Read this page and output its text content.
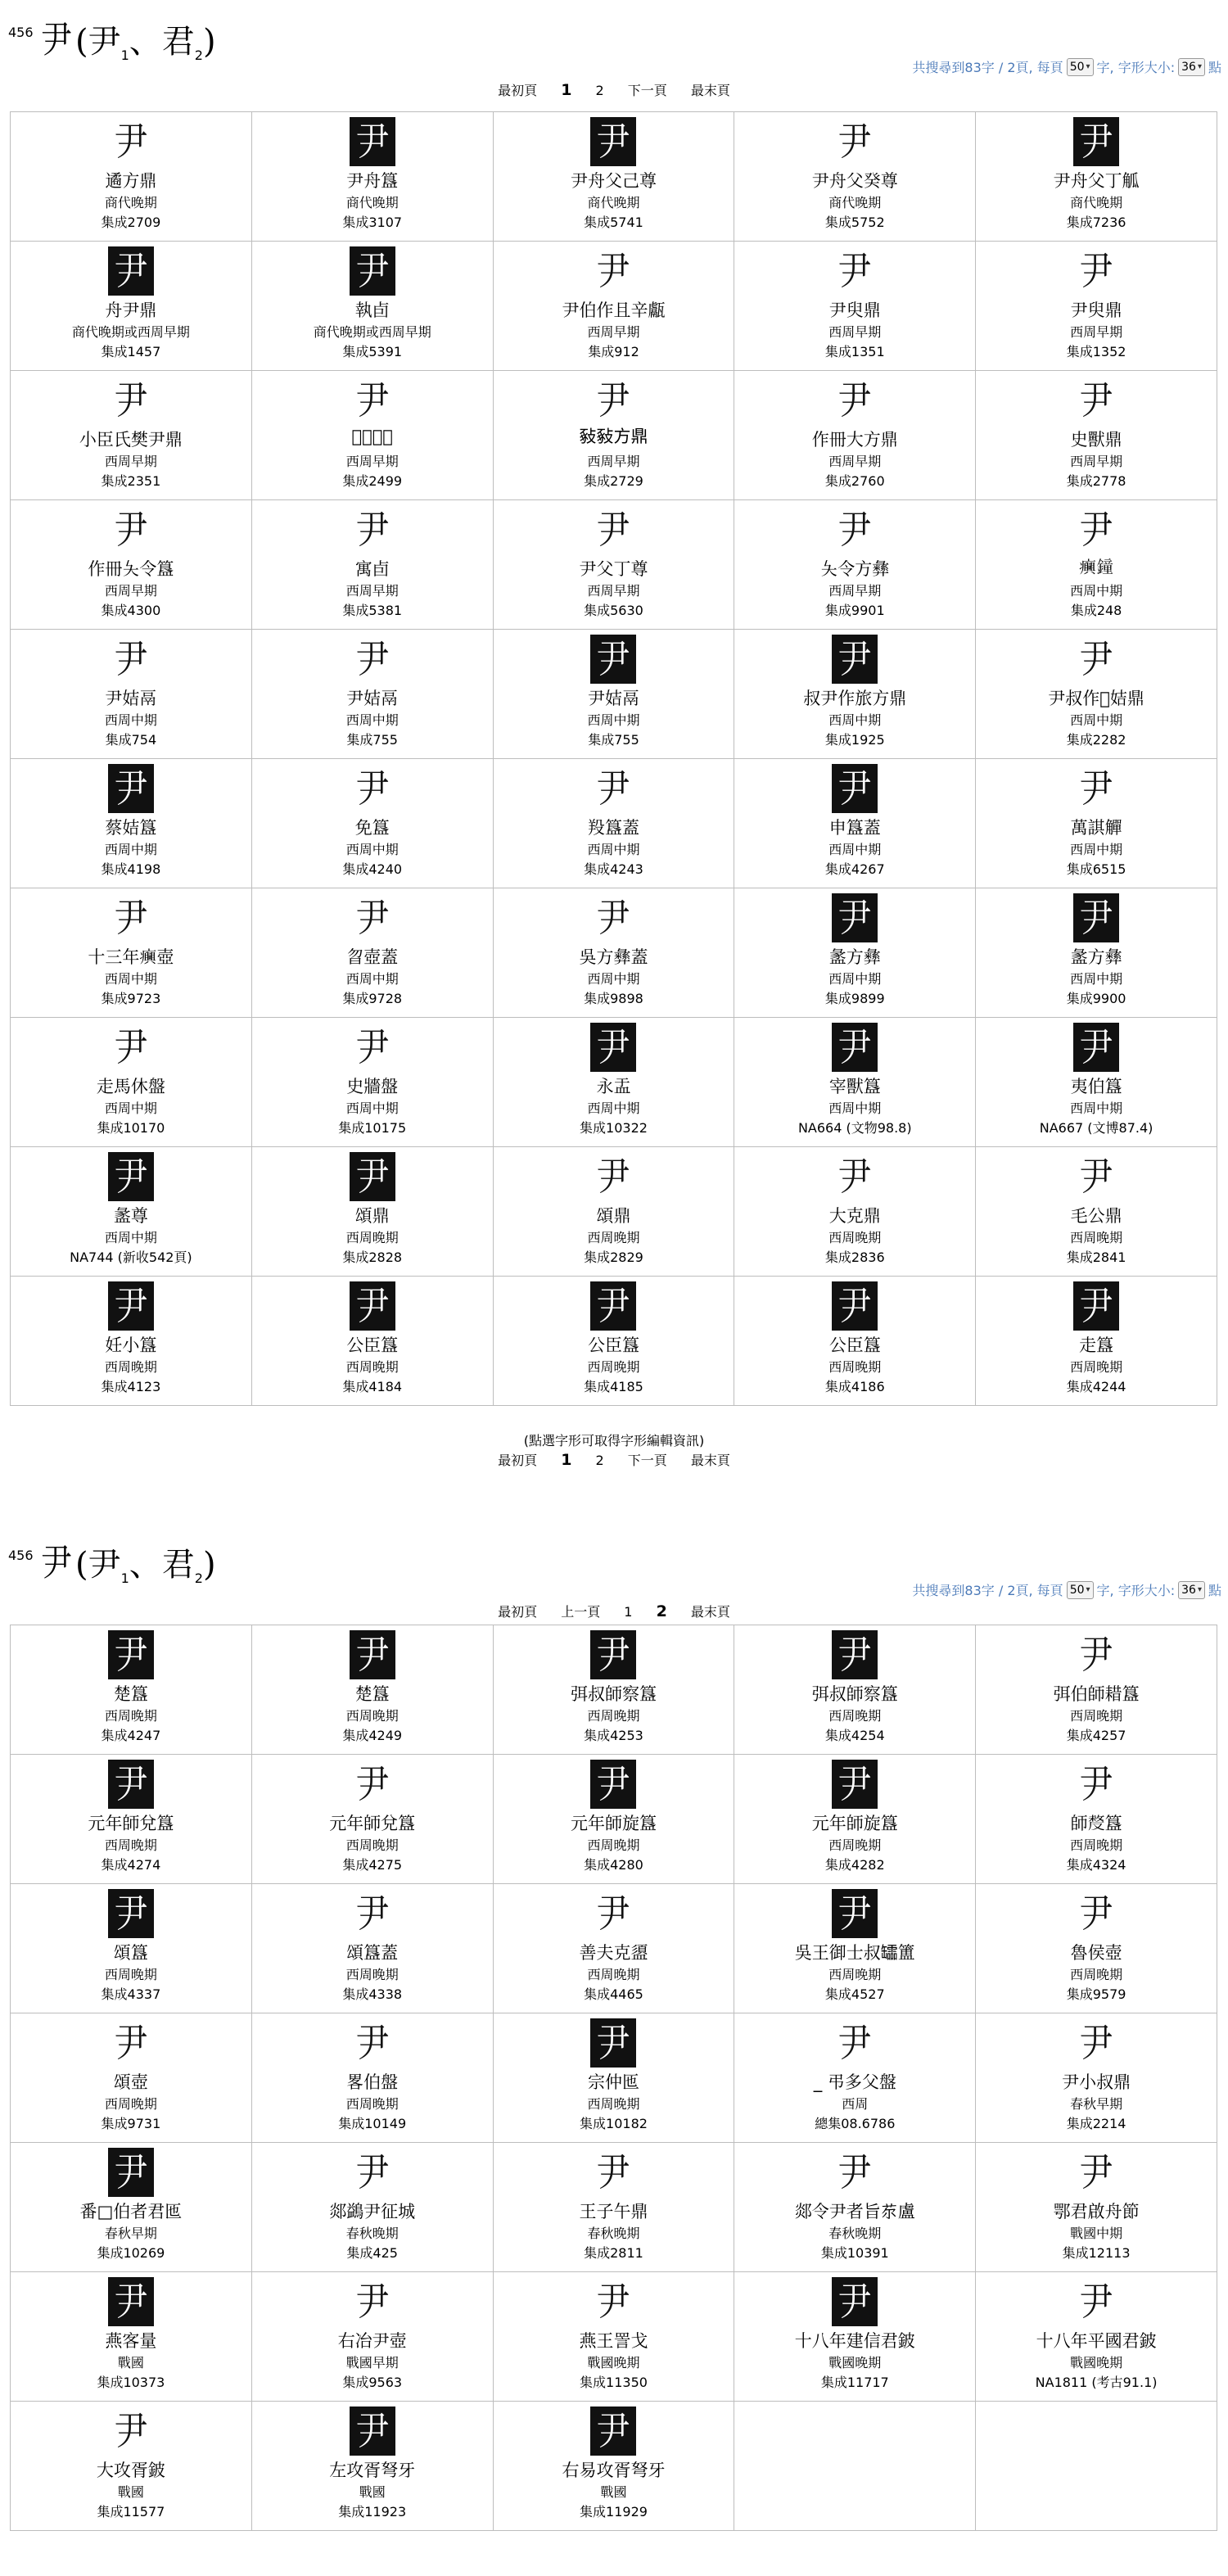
456 尹 (尹$_1$、君$_2$)
共搜尋到83字 / 2頁, 每頁 50 ▾ 字, 字形大小: 36 ▾ 點
最初頁 1 2 下一頁 最末頁
尹
遹方鼎
商代晚期
集成2709
尹
尹舟簋
商代晚期
集成3107
尹
尹舟父己尊
商代晚期
集成5741
尹
尹舟父癸尊
商代晚期
集成5752
尹
尹舟父丁觚
商代晚期
集成7236
尹
舟尹鼎
商代晚期或西周早期
集成1457
尹
執卣
商代晚期或西周早期
集成5391
尹
尹伯作且辛甗
西周早期
集成912
尹
尹臾鼎
西周早期
集成1351
尹
尹臾鼎
西周早期
集成1352
尹
小臣氏樊尹鼎
西周早期
集成2351
尹
𠫑父丁鼎
西周早期
集成2499
尹
𢽚𢽚方鼎
西周早期
集成2729
尹
作冊大方鼎
西周早期
集成2760
尹
史獸鼎
西周早期
集成2778
尹
作冊夨令簋
西周早期
集成4300
尹
寓卣
西周早期
集成5381
尹
尹父丁尊
西周早期
集成5630
尹
夨令方彝
西周早期
集成9901
尹
𤼈鐘
西周中期
集成248
尹
尹姞鬲
西周中期
集成754
尹
尹姞鬲
西周中期
集成755
尹
尹姞鬲
西周中期
集成755
尹
叔尹作旅方鼎
西周中期
集成1925
尹
尹叔作𤞷姞鼎
西周中期
集成2282
尹
蔡姞簋
西周中期
集成4198
尹
免簋
西周中期
集成4240
尹
羖簋蓋
西周中期
集成4243
尹
申簋蓋
西周中期
集成4267
尹
萬諆觶
西周中期
集成6515
尹
十三年𤼈壺
西周中期
集成9723
尹
曶壺蓋
西周中期
集成9728
尹
吳方彝蓋
西周中期
集成9898
尹
盠方彝
西周中期
集成9899
尹
盠方彝
西周中期
集成9900
尹
走馬休盤
西周中期
集成10170
尹
史牆盤
西周中期
集成10175
尹
永盂
西周中期
集成10322
尹
宰獸簋
西周中期
NA664 (文物98.8)
尹
夷伯簋
西周中期
NA667 (文博87.4)
尹
盠尊
西周中期
NA744 (新收542頁)
尹
頌鼎
西周晚期
集成2828
尹
頌鼎
西周晚期
集成2829
尹
大克鼎
西周晚期
集成2836
尹
毛公鼎
西周晚期
集成2841
尹
妊小簋
西周晚期
集成4123
尹
公臣簋
西周晚期
集成4184
尹
公臣簋
西周晚期
集成4185
尹
公臣簋
西周晚期
集成4186
尹
走簋
西周晚期
集成4244
(點選字形可取得字形編輯資訊)
最初頁 1 2 下一頁 最末頁
456 尹 (尹$_1$、君$_2$)
共搜尋到83字 / 2頁, 每頁 50 ▾ 字, 字形大小: 36 ▾ 點
最初頁 上一頁 1 2 最末頁
尹
楚簋
西周晚期
集成4247
尹
楚簋
西周晚期
集成4249
尹
弭叔師察簋
西周晚期
集成4253
尹
弭叔師察簋
西周晚期
集成4254
尹
弭伯師耤簋
西周晚期
集成4257
尹
元年師兌簋
西周晚期
集成4274
尹
元年師兌簋
西周晚期
集成4275
尹
元年師旋簋
西周晚期
集成4280
尹
元年師旋簋
西周晚期
集成4282
尹
師𠭰簋
西周晚期
集成4324
尹
頌簋
西周晚期
集成4337
尹
頌簋蓋
西周晚期
集成4338
尹
善夫克盨
西周晚期
集成4465
尹
吳王御士叔𦉢簠
西周晚期
集成4527
尹
魯侯壺
西周晚期
集成9579
尹
頌壺
西周晚期
集成9731
尹
畧伯盤
西周晚期
集成10149
尹
宗仲匜
西周晚期
集成10182
尹
_ 弔多父盤
西周
總集08.6786
尹
尹小叔鼎
春秋早期
集成2214
尹
番□伯者君匜
春秋早期
集成10269
尹
郯鷁尹征城
春秋晚期
集成425
尹
王子午鼎
春秋晚期
集成2811
尹
郯令尹者旨𦬼盧
春秋晚期
集成10391
尹
鄂君啟舟節
戰國中期
集成12113
尹
燕客量
戰國
集成10373
尹
右冶尹壺
戰國早期
集成9563
尹
燕王詈戈
戰國晚期
集成11350
尹
十八年建信君鈹
戰國晚期
集成11717
尹
十八年平國君鈹
戰國晚期
NA1811 (考古91.1)
尹
大攻胥鈹
戰國
集成11577
尹
左攻胥弩牙
戰國
集成11923
尹
右易攻胥弩牙
戰國
集成11929
